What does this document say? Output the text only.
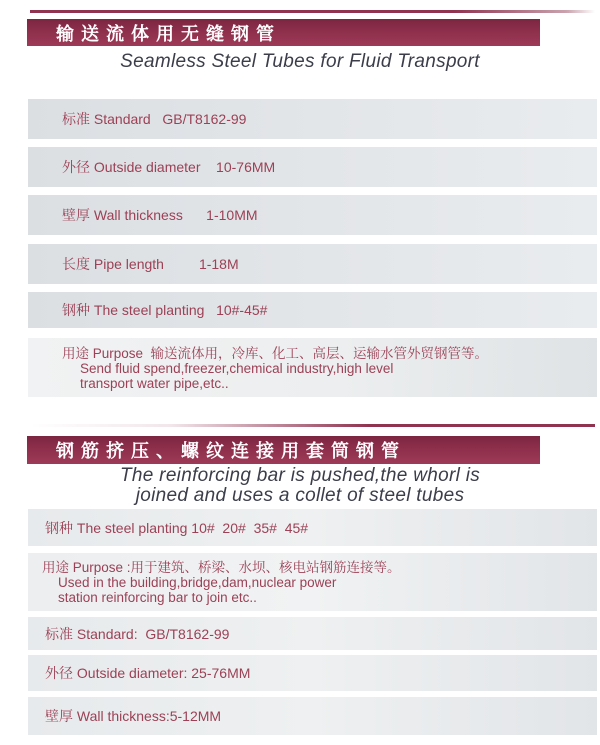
输送流体用无缝钢管
Seamless Steel Tubes for Fluid Transport
标准 Standard   GB/T8162-99
外径 Outside diameter    10-76MM
壁厚 Wall thickness      1-10MM
长度 Pipe length         1-18M
钢种 The steel planting   10#-45#
用途 Purpose  输送流体用，冷库、化工、高层、运输水管外贸钢管等。
Send fluid spend,freezer,chemical industry,high level
transport water pipe,etc..
钢筋挤压、螺纹连接用套筒钢管
The reinforcing bar is pushed,the whorl is
joined and uses a collet of steel tubes
钢种 The steel planting 10#  20#  35#  45#
用途 Purpose :用于建筑、桥梁、水坝、核电站钢筋连接等。
Used in the building,bridge,dam,nuclear power
station reinforcing bar to join etc..
标准 Standard:  GB/T8162-99
外径 Outside diameter: 25-76MM
壁厚 Wall thickness:5-12MM
